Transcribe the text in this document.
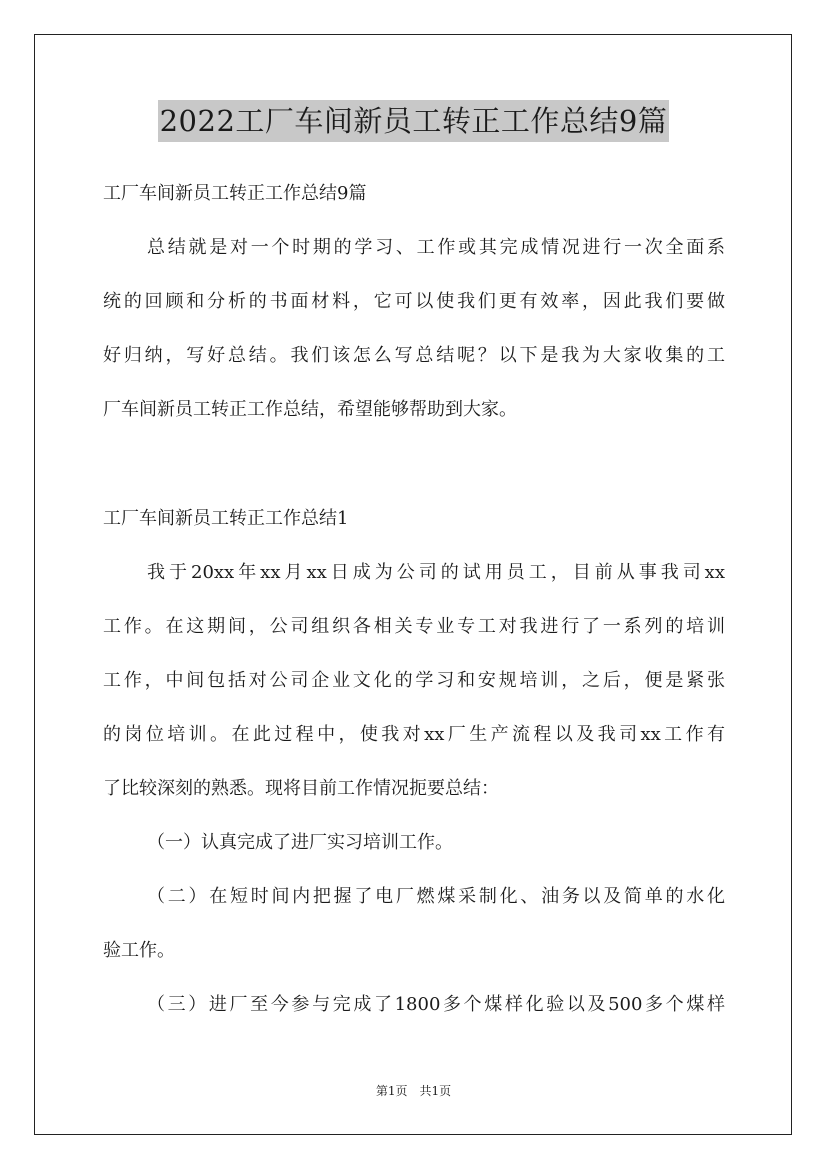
2022工厂车间新员工转正工作总结9篇
工厂车间新员工转正工作总结9篇
总结就是对一个时期的学习、工作或其完成情况进行一次全面系
统的回顾和分析的书面材料，它可以使我们更有效率，因此我们要做
好归纳，写好总结。我们该怎么写总结呢？以下是我为大家收集的工
厂车间新员工转正工作总结，希望能够帮助到大家。
工厂车间新员工转正工作总结1
我于20xx年xx月xx日成为公司的试用员工，目前从事我司xx
工作。在这期间，公司组织各相关专业专工对我进行了一系列的培训
工作，中间包括对公司企业文化的学习和安规培训，之后，便是紧张
的岗位培训。在此过程中，使我对xx厂生产流程以及我司xx工作有
了比较深刻的熟悉。现将目前工作情况扼要总结：
（一）认真完成了进厂实习培训工作。
（二）在短时间内把握了电厂燃煤采制化、油务以及简单的水化
验工作。
（三）进厂至今参与完成了1800多个煤样化验以及500多个煤样
第1页　共1页
